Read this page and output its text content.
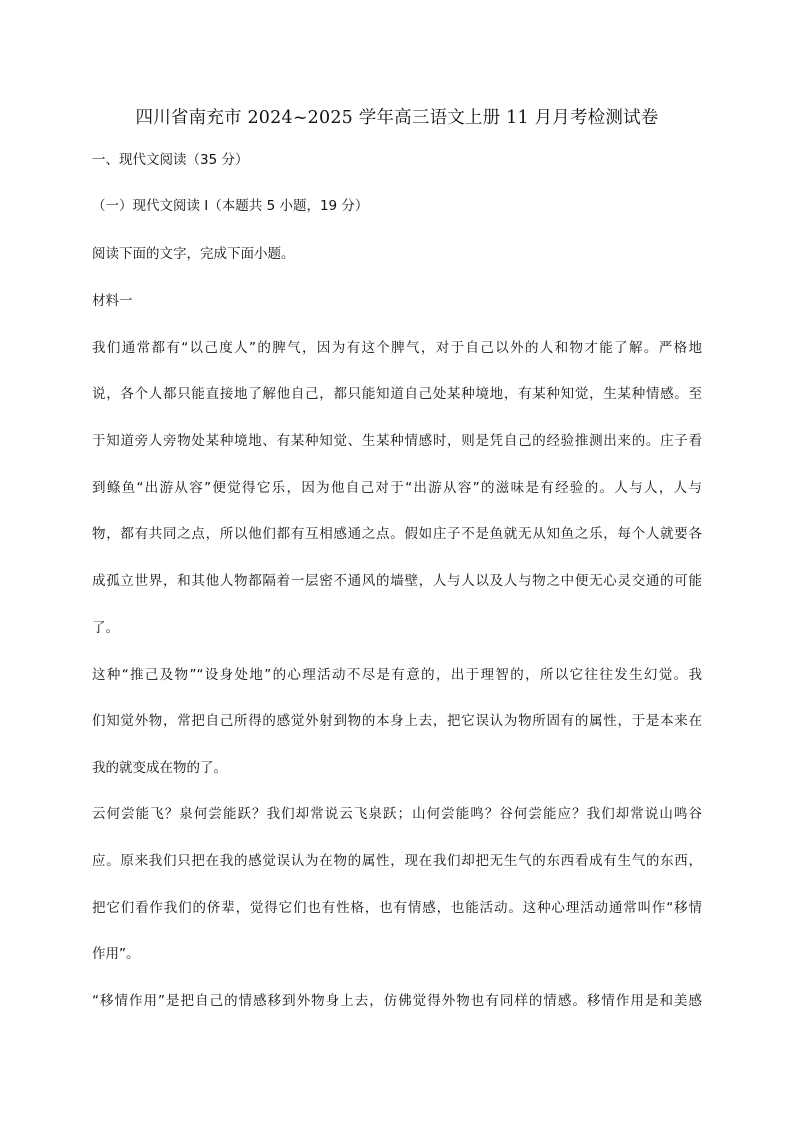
四川省南充市 2024~2025 学年高三语文上册 11 月月考检测试卷
一、现代文阅读（35 分）
（一）现代文阅读 Ⅰ（本题共 5 小题，19 分）
阅读下面的文字，完成下面小题。
材料一
我们通常都有“以己度人”的脾气，因为有这个脾气，对于自己以外的人和物才能了解。严格地
说，各个人都只能直接地了解他自己，都只能知道自己处某种境地，有某种知觉，生某种情感。至
于知道旁人旁物处某种境地、有某种知觉、生某种情感时，则是凭自己的经验推测出来的。庄子看
到鲦鱼“出游从容”便觉得它乐，因为他自己对于“出游从容”的滋味是有经验的。人与人，人与
物，都有共同之点，所以他们都有互相感通之点。假如庄子不是鱼就无从知鱼之乐，每个人就要各
成孤立世界，和其他人物都隔着一层密不通风的墙壁，人与人以及人与物之中便无心灵交通的可能
了。
这种“推己及物”“设身处地”的心理活动不尽是有意的，出于理智的，所以它往往发生幻觉。我
们知觉外物，常把自己所得的感觉外射到物的本身上去，把它误认为物所固有的属性，于是本来在
我的就变成在物的了。
云何尝能飞？泉何尝能跃？我们却常说云飞泉跃；山何尝能鸣？谷何尝能应？我们却常说山鸣谷
应。原来我们只把在我的感觉误认为在物的属性，现在我们却把无生气的东西看成有生气的东西，
把它们看作我们的侪辈，觉得它们也有性格，也有情感，也能活动。这种心理活动通常叫作“移情
作用”。
“移情作用”是把自己的情感移到外物身上去，仿佛觉得外物也有同样的情感。移情作用是和美感
